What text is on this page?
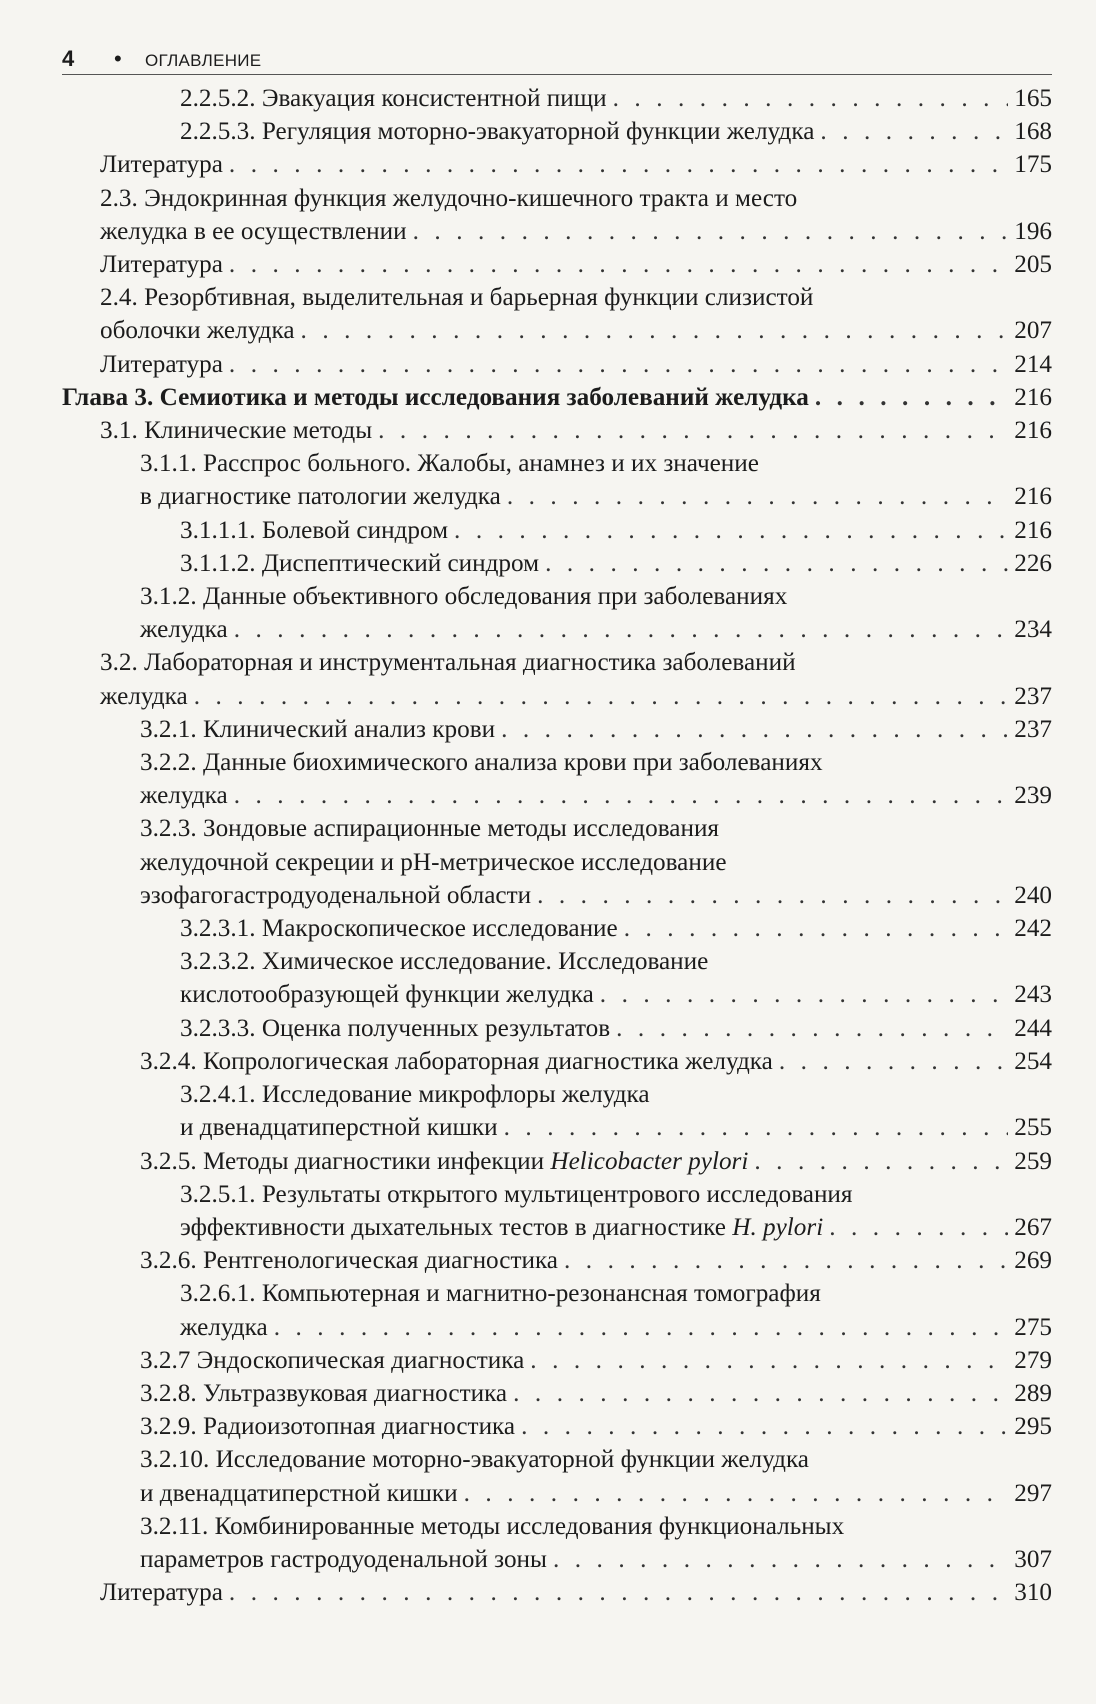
4 • ОГЛАВЛЕНИЕ
2.2.5.2. Эвакуация консистентной пищи . . .	165
2.2.5.3. Регуляция моторно-эвакуаторной функции желудка . . .	168
Литература . . .	175
2.3. Эндокринная функция желудочно-кишечного тракта и место
желудка в ее осуществлении . . .	196
Литература . . .	205
2.4. Резорбтивная, выделительная и барьерная функции слизистой
оболочки желудка . . .	207
Литература . . .	214
Глава 3. Семиотика и методы исследования заболеваний желудка . . .	216
3.1. Клинические методы . . .	216
3.1.1. Расспрос больного. Жалобы, анамнез и их значение
в диагностике патологии желудка . . .	216
3.1.1.1. Болевой синдром . . .	216
3.1.1.2. Диспептический синдром . . .	226
3.1.2. Данные объективного обследования при заболеваниях
желудка . . .	234
3.2. Лабораторная и инструментальная диагностика заболеваний
желудка . . .	237
3.2.1. Клинический анализ крови . . .	237
3.2.2. Данные биохимического анализа крови при заболеваниях
желудка . . .	239
3.2.3. Зондовые аспирационные методы исследования
желудочной секреции и pH-метрическое исследование
эзофагогастродуоденальной области . . .	240
3.2.3.1. Макроскопическое исследование . . .	242
3.2.3.2. Химическое исследование. Исследование
кислотообразующей функции желудка . . .	243
3.2.3.3. Оценка полученных результатов . . .	244
3.2.4. Копрологическая лабораторная диагностика желудка . . .	254
3.2.4.1. Исследование микрофлоры желудка
и двенадцатиперстной кишки . . .	255
3.2.5. Методы диагностики инфекции Helicobacter pylori . . .	259
3.2.5.1. Результаты открытого мультицентрового исследования
эффективности дыхательных тестов в диагностике H. pylori . . .	267
3.2.6. Рентгенологическая диагностика . . .	269
3.2.6.1. Компьютерная и магнитно-резонансная томография
желудка . . .	275
3.2.7 Эндоскопическая диагностика . . .	279
3.2.8. Ультразвуковая диагностика . . .	289
3.2.9. Радиоизотопная диагностика . . .	295
3.2.10. Исследование моторно-эвакуаторной функции желудка
и двенадцатиперстной кишки . . .	297
3.2.11. Комбинированные методы исследования функциональных
параметров гастродуоденальной зоны . . .	307
Литература . . .	310
